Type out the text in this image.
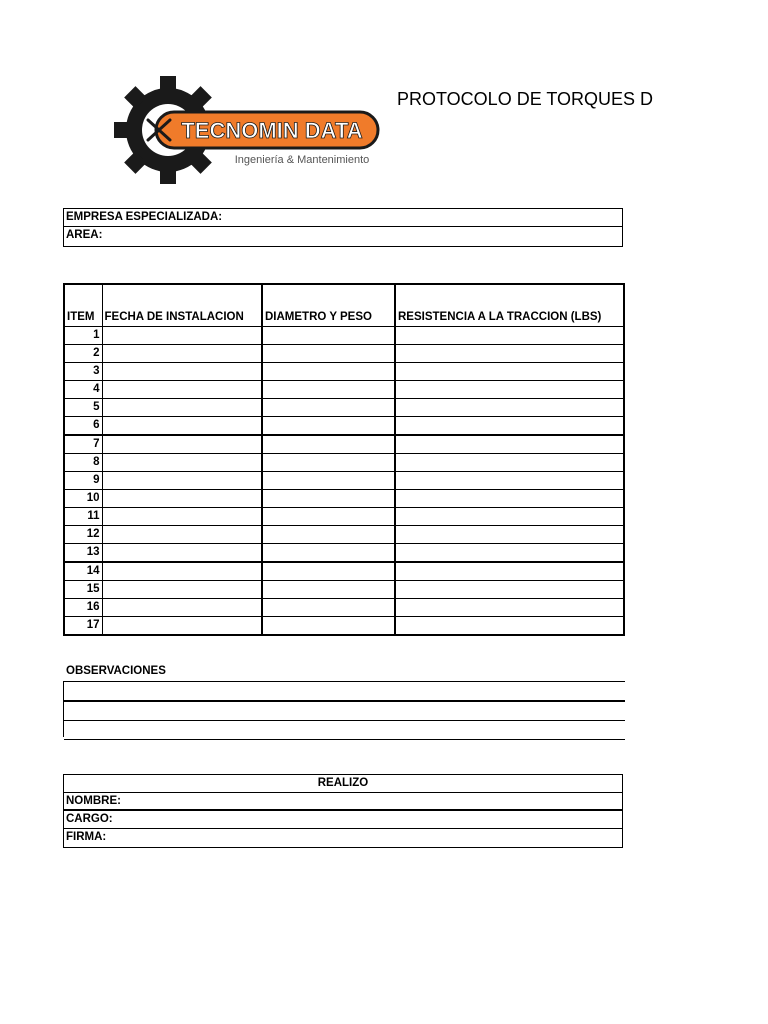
TECNOMIN DATA
Ingeniería & Mantenimiento
PROTOCOLO DE TORQUES D
EMPRESA ESPECIALIZADA:
AREA:
ITEM	FECHA DE INSTALACION	DIAMETRO Y PESO	RESISTENCIA A LA TRACCION (LBS)
1			
2			
3			
4			
5			
6			
7			
8			
9			
10			
11			
12			
13			
14			
15			
16			
17			
OBSERVACIONES
REALIZO
NOMBRE:
CARGO:
FIRMA:
